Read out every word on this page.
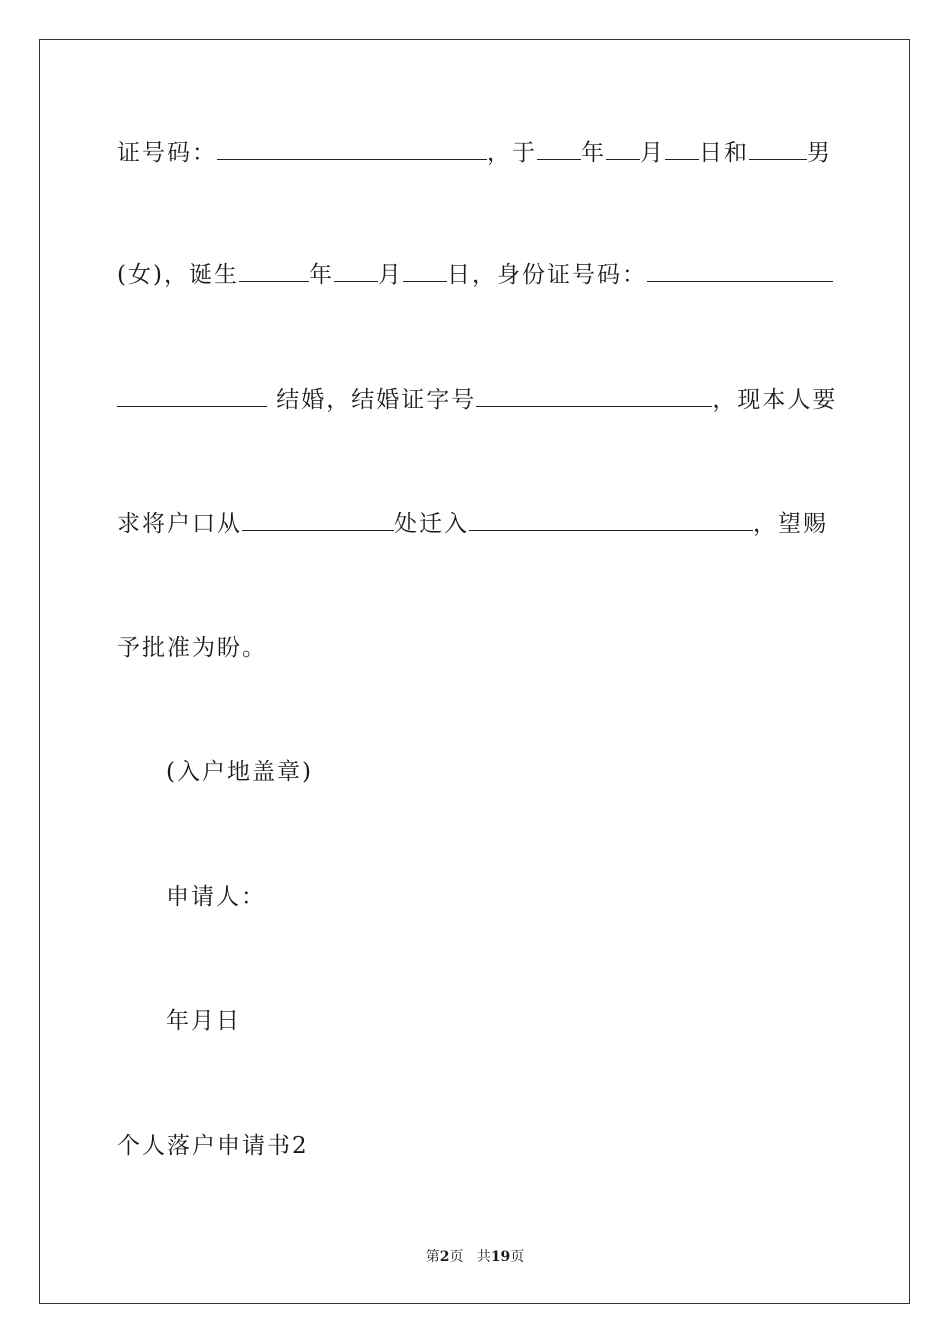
证号码：	，于 年 月 日和	男
(女)，诞生	年 月 日，身份证号码：
结婚，结婚证字号	，现本人要
求将户口从	处迁入	，望赐
予批准为盼。
(入户地盖章)
申请人：
年月日
个人落户申请书2
第2页 共19页
